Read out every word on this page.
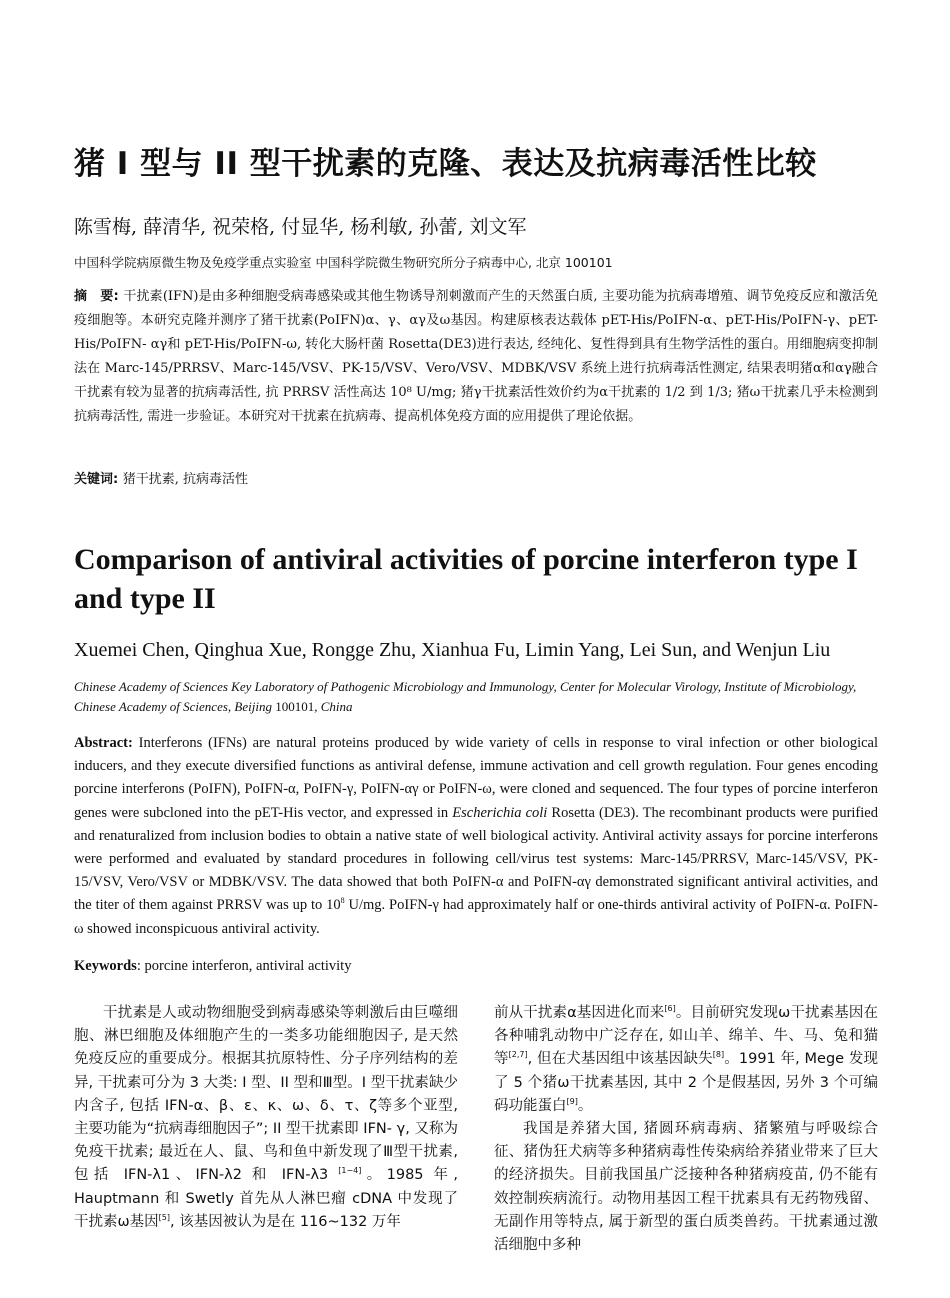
猪 I 型与 II 型干扰素的克隆、表达及抗病毒活性比较

陈雪梅, 薛清华, 祝荣格, 付显华, 杨利敏, 孙蕾, 刘文军

中国科学院病原微生物及免疫学重点实验室 中国科学院微生物研究所分子病毒中心, 北京 100101

摘　要: 干扰素(IFN)是由多种细胞受病毒感染或其他生物诱导剂刺激而产生的天然蛋白质, 主要功能为抗病毒增殖、调节免疫反应和激活免疫细胞等。本研究克隆并测序了猪干扰素(PoIFN)α、γ、αγ及ω基因。构建原核表达载体 pET-His/PoIFN-α、pET-His/PoIFN-γ、pET-His/PoIFN- αγ和 pET-His/PoIFN-ω, 转化大肠杆菌 Rosetta(DE3)进行表达, 经纯化、复性得到具有生物学活性的蛋白。用细胞病变抑制法在 Marc-145/PRRSV、Marc-145/VSV、PK-15/VSV、Vero/VSV、MDBK/VSV 系统上进行抗病毒活性测定, 结果表明猪α和αγ融合干扰素有较为显著的抗病毒活性, 抗 PRRSV 活性高达 10⁸ U/mg; 猪γ干扰素活性效价约为α干扰素的 1/2 到 1/3; 猪ω干扰素几乎未检测到抗病毒活性, 需进一步验证。本研究对干扰素在抗病毒、提高机体免疫方面的应用提供了理论依据。

关键词: 猪干扰素, 抗病毒活性

Comparison of antiviral activities of porcine interferon type I and type II

Xuemei Chen, Qinghua Xue, Rongge Zhu, Xianhua Fu, Limin Yang, Lei Sun, and Wenjun Liu

Chinese Academy of Sciences Key Laboratory of Pathogenic Microbiology and Immunology, Center for Molecular Virology, Institute of Microbiology, Chinese Academy of Sciences, Beijing 100101, China

Abstract: Interferons (IFNs) are natural proteins produced by wide variety of cells in response to viral infection or other biological inducers, and they execute diversified functions as antiviral defense, immune activation and cell growth regulation. Four genes encoding porcine interferons (PoIFN), PoIFN-α, PoIFN-γ, PoIFN-αγ or PoIFN-ω, were cloned and sequenced. The four types of porcine interferon genes were subcloned into the pET-His vector, and expressed in Escherichia coli Rosetta (DE3). The recombinant products were purified and renaturalized from inclusion bodies to obtain a native state of well biological activity. Antiviral activity assays for porcine interferons were performed and evaluated by standard procedures in following cell/virus test systems: Marc-145/PRRSV, Marc-145/VSV, PK-15/VSV, Vero/VSV or MDBK/VSV. The data showed that both PoIFN-α and PoIFN-αγ demonstrated significant antiviral activities, and the titer of them against PRRSV was up to $10^8$ U/mg. PoIFN-γ had approximately half or one-thirds antiviral activity of PoIFN-α. PoIFN-ω showed inconspicuous antiviral activity.

Keywords: porcine interferon, antiviral activity

干扰素是人或动物细胞受到病毒感染等刺激后由巨噬细胞、淋巴细胞及体细胞产生的一类多功能细胞因子, 是天然免疫反应的重要成分。根据其抗原特性、分子序列结构的差异, 干扰素可分为 3 大类: I 型、II 型和Ⅲ型。I 型干扰素缺少内含子, 包括 IFN-α、β、ε、κ、ω、δ、τ、ζ等多个亚型, 主要功能为“抗病毒细胞因子”; II 型干扰素即 IFN- γ, 又称为免疫干扰素; 最近在人、鼠、鸟和鱼中新发现了Ⅲ型干扰素, 包括 IFN-λ1、IFN-λ2 和 IFN-λ3 [1−4]。1985 年, Hauptmann 和 Swetly 首先从人淋巴瘤 cDNA 中发现了干扰素ω基因[5], 该基因被认为是在 116~132 万年

前从干扰素α基因进化而来[6]。目前研究发现ω干扰素基因在各种哺乳动物中广泛存在, 如山羊、绵羊、牛、马、兔和猫等[2,7], 但在犬基因组中该基因缺失[8]。1991 年, Mege 发现了 5 个猪ω干扰素基因, 其中 2 个是假基因, 另外 3 个可编码功能蛋白[9]。

我国是养猪大国, 猪圆环病毒病、猪繁殖与呼吸综合征、猪伪狂犬病等多种猪病毒性传染病给养猪业带来了巨大的经济损失。目前我国虽广泛接种各种猪病疫苗, 仍不能有效控制疾病流行。动物用基因工程干扰素具有无药物残留、无副作用等特点, 属于新型的蛋白质类兽药。干扰素通过激活细胞中多种
